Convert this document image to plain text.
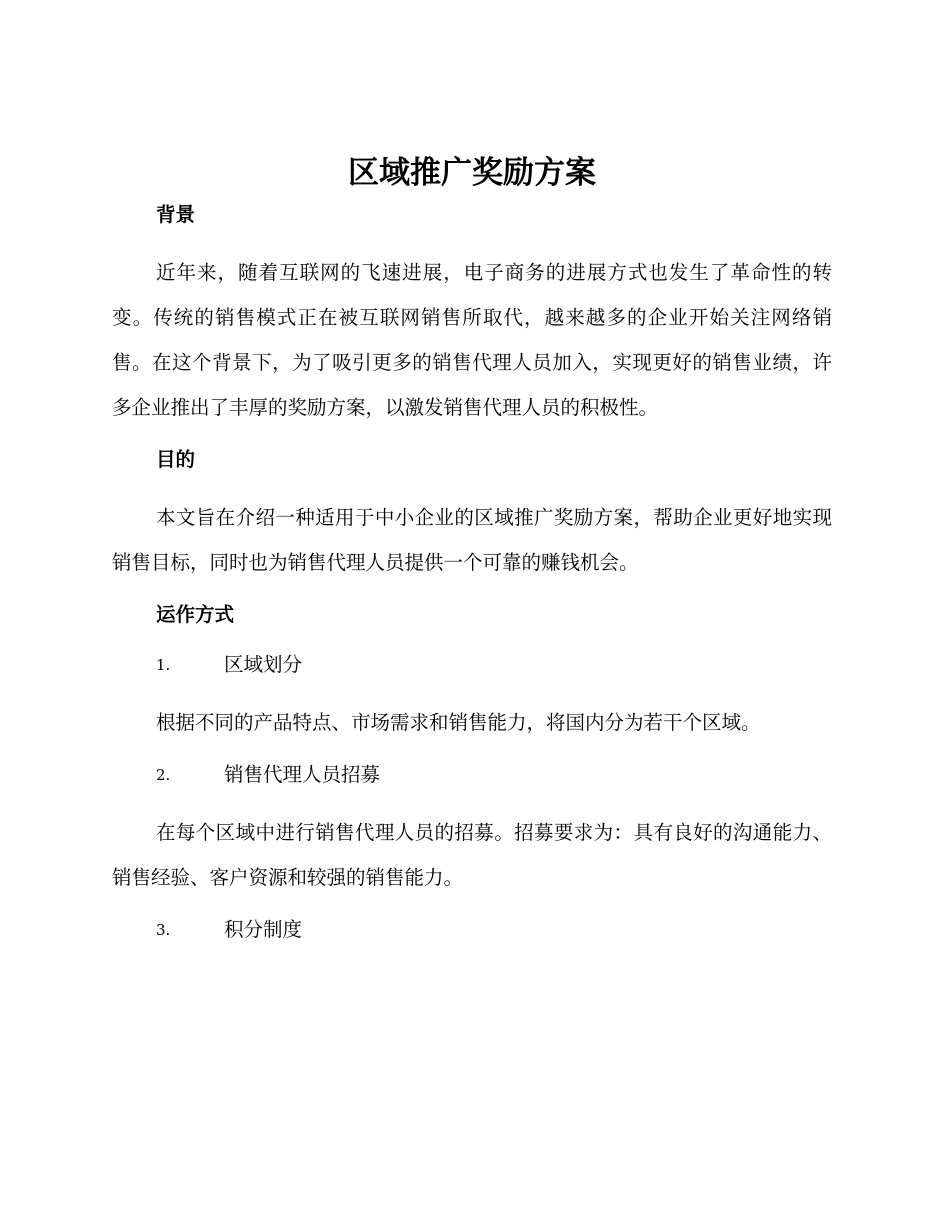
区域推广奖励方案
背景

近年来，随着互联网的飞速进展，电子商务的进展方式也发生了革命性的转变。传统的销售模式正在被互联网销售所取代，越来越多的企业开始关注网络销售。在这个背景下，为了吸引更多的销售代理人员加入，实现更好的销售业绩，许多企业推出了丰厚的奖励方案，以激发销售代理人员的积极性。

目的

本文旨在介绍一种适用于中小企业的区域推广奖励方案，帮助企业更好地实现销售目标，同时也为销售代理人员提供一个可靠的赚钱机会。

运作方式
1.	区域划分

根据不同的产品特点、市场需求和销售能力，将国内分为若干个区域。

2.	销售代理人员招募

在每个区域中进行销售代理人员的招募。招募要求为：具有良好的沟通能力、销售经验、客户资源和较强的销售能力。

3.	积分制度
